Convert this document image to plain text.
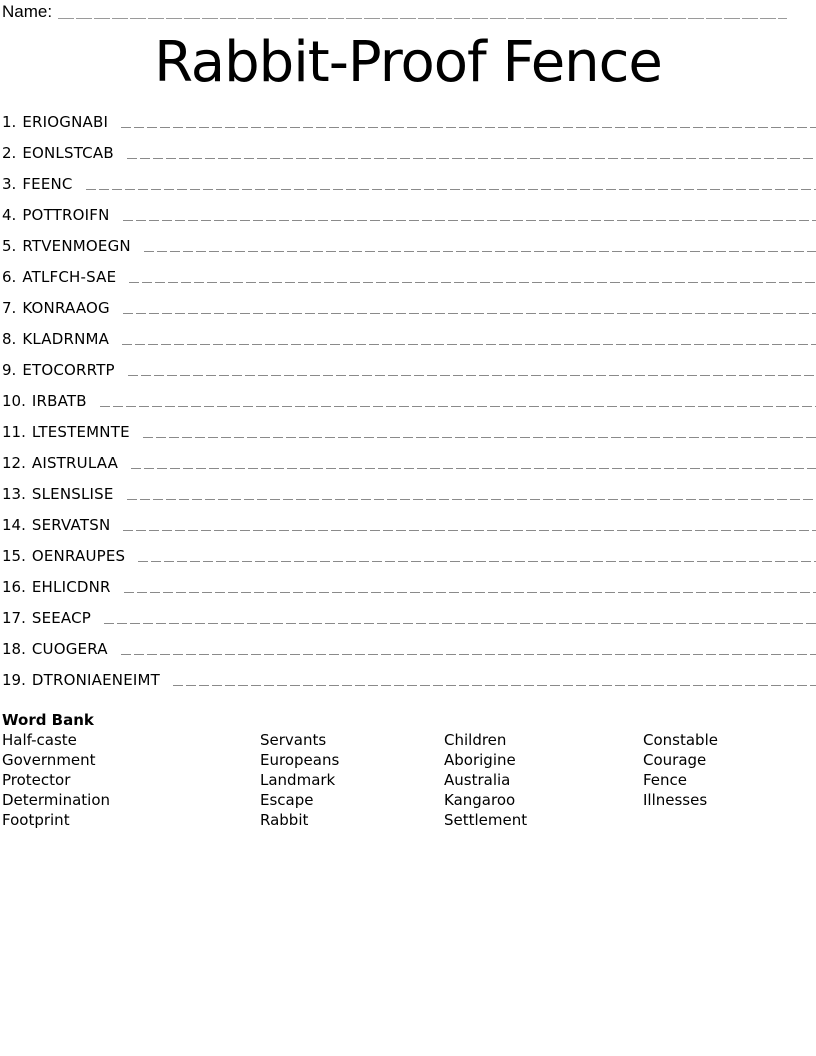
Name:
Rabbit-Proof Fence
1. ERIOGNABI
2. EONLSTCAB
3. FEENC
4. POTTROIFN
5. RTVENMOEGN
6. ATLFCH-SAE
7. KONRAAOG
8. KLADRNMA
9. ETOCORRTP
10. IRBATB
11. LTESTEMNTE
12. AISTRULAA
13. SLENSLISE
14. SERVATSN
15. OENRAUPES
16. EHLICDNR
17. SEEACP
18. CUOGERA
19. DTRONIAENEIMT
Word Bank
Half-caste
Government
Protector
Determination
Footprint
Servants
Europeans
Landmark
Escape
Rabbit
Children
Aborigine
Australia
Kangaroo
Settlement
Constable
Courage
Fence
Illnesses
